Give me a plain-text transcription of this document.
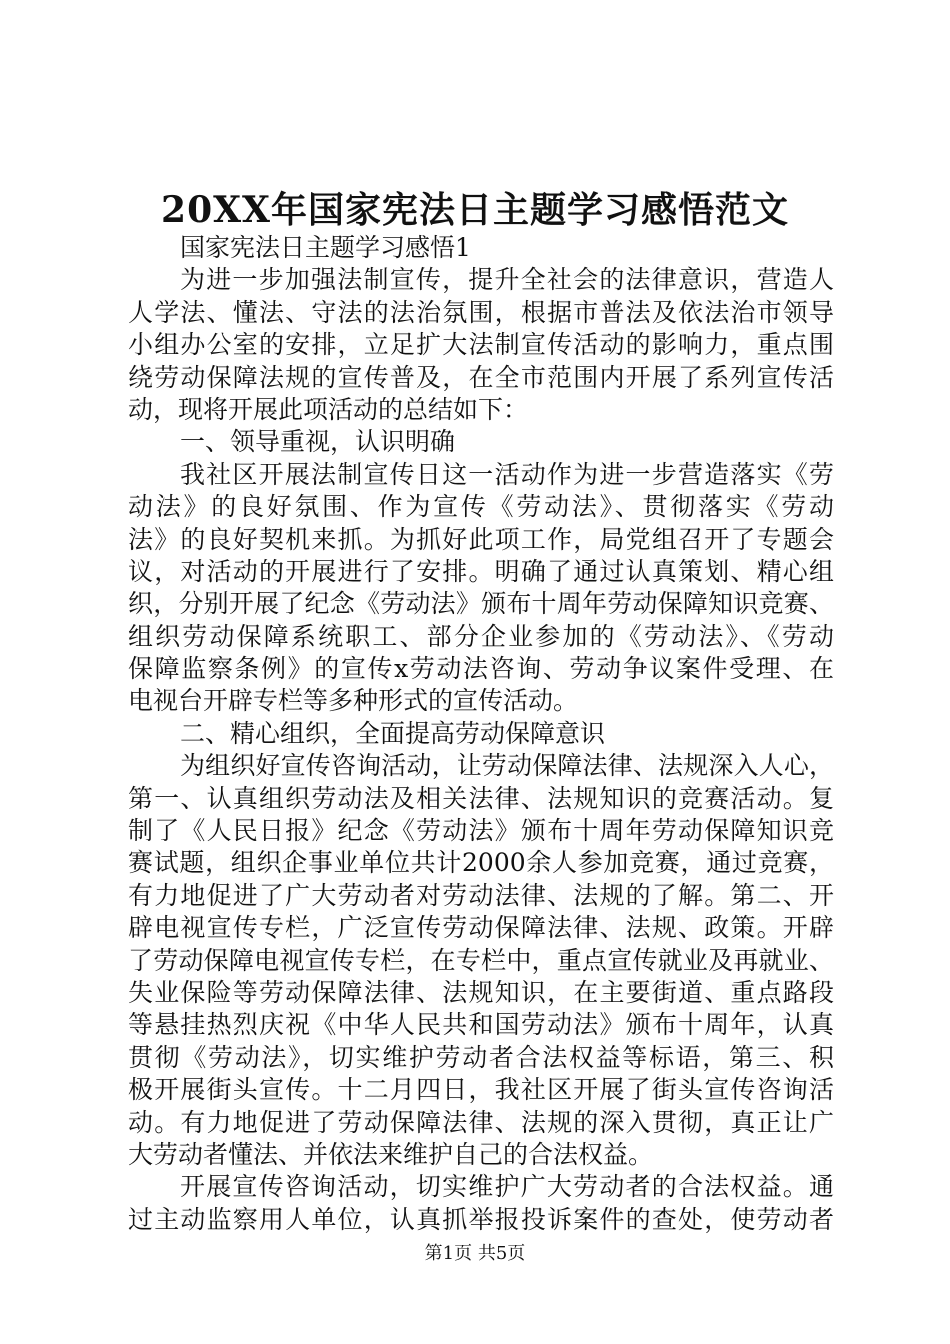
20XX年国家宪法日主题学习感悟范文
国家宪法日主题学习感悟1
为进一步加强法制宣传，提升全社会的法律意识，营造人
人学法、懂法、守法的法治氛围，根据市普法及依法治市领导
小组办公室的安排，立足扩大法制宣传活动的影响力，重点围
绕劳动保障法规的宣传普及，在全市范围内开展了系列宣传活
动，现将开展此项活动的总结如下：
一、领导重视，认识明确
我社区开展法制宣传日这一活动作为进一步营造落实《劳
动法》的良好氛围、作为宣传《劳动法》、贯彻落实《劳动
法》的良好契机来抓。为抓好此项工作，局党组召开了专题会
议，对活动的开展进行了安排。明确了通过认真策划、精心组
织，分别开展了纪念《劳动法》颁布十周年劳动保障知识竞赛、
组织劳动保障系统职工、部分企业参加的《劳动法》、《劳动
保障监察条例》的宣传x劳动法咨询、劳动争议案件受理、在
电视台开辟专栏等多种形式的宣传活动。
二、精心组织，全面提高劳动保障意识
为组织好宣传咨询活动，让劳动保障法律、法规深入人心，
第一、认真组织劳动法及相关法律、法规知识的竞赛活动。复
制了《人民日报》纪念《劳动法》颁布十周年劳动保障知识竞
赛试题，组织企事业单位共计2000余人参加竞赛，通过竞赛，
有力地促进了广大劳动者对劳动法律、法规的了解。第二、开
辟电视宣传专栏，广泛宣传劳动保障法律、法规、政策。开辟
了劳动保障电视宣传专栏，在专栏中，重点宣传就业及再就业、
失业保险等劳动保障法律、法规知识，在主要街道、重点路段
等悬挂热烈庆祝《中华人民共和国劳动法》颁布十周年，认真
贯彻《劳动法》，切实维护劳动者合法权益等标语，第三、积
极开展街头宣传。十二月四日，我社区开展了街头宣传咨询活
动。有力地促进了劳动保障法律、法规的深入贯彻，真正让广
大劳动者懂法、并依法来维护自己的合法权益。
开展宣传咨询活动，切实维护广大劳动者的合法权益。通
过主动监察用人单位，认真抓举报投诉案件的查处，使劳动者
第1页 共5页
